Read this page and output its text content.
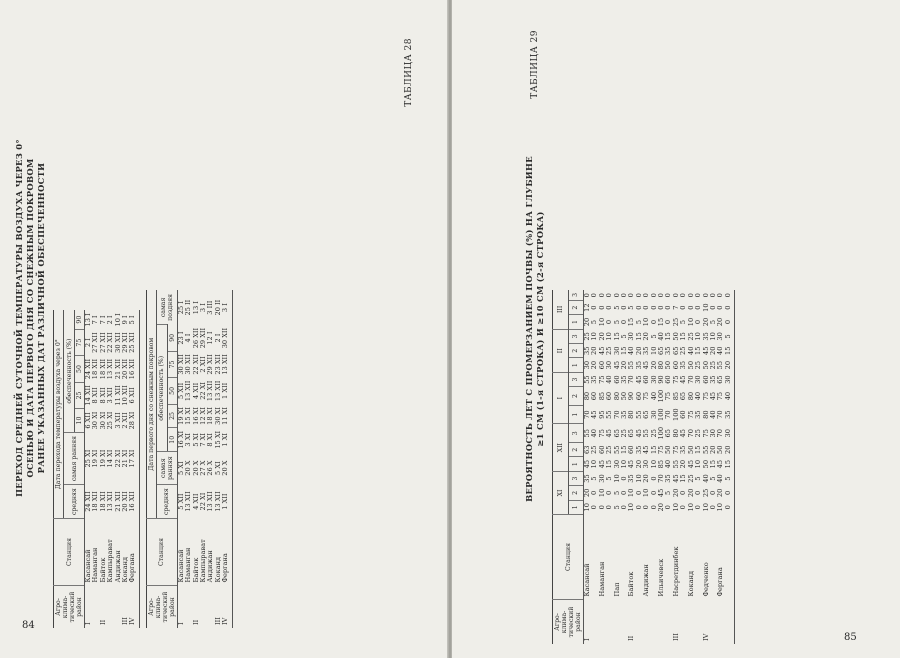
84
ТАБЛИЦА 28
ПЕРЕХОД СРЕДНЕЙ СУТОЧНОЙ ТЕМПЕРАТУРЫ ВОЗДУХА ЧЕРЕЗ 0° ОСЕНЬЮ И ДАТА ПЕРВОГО ДНЯ СО СНЕЖНЫМ ПОКРОВОМ РАНЕЕ УКАЗАННЫХ ДАТ РАЗЛИЧНОЙ ОБЕСПЕЧЕННОСТИ
Агро-клима-тический район	Станция	Дата перехода температуры воздуха через 0°						
		средняя	самая ранняя	обеспеченность (%)				
				10	25	50	75	90
I	Касансай	24 XII	25 XI	6 XII	14 XII	24 XII	2 I	13 I
	Наманган	18 XII	19 XI	30 XI	8 XII	18 XII	27 XII	7 I
II	Байток	18 XII	19 XI	30 XI	8 XII	18 XII	27 XII	7 I
	Кампырават	13 XII	14 XI	25 XI	3 XII	13 XII	22 XII	2 I
	Андижан	21 XII	22 XI	3 XII	11 XII	21 XII	30 XII	10 I
III	Коканд	20 XII	21 XI	2 XII	10 XII	20 XII	29 XII	9 I
IV	Фергана	16 XII	17 XI	28 XI	6 XII	16 XII	25 XII	5 I
Агро-клима-тический район	Станция	Дата первого дня со снежным покровом							
		средняя	самая ранняя	обеспеченность (%)					самая поздняя
				10	25	50	75	90	
I	Касансай	5 XII	5 XI	16 XI	19 XI	5 XII	30 XII	23 I	25 I
	Наманган	13 XII	20 X	3 XI	15 XI	13 XII	30 XII	4 I	25 II
II	Байток	4 XII	20 X	5 XI	16 XI	4 XII	22 XII	26 XII	13 I
	Кампырават	22 XI	27 X	7 XI	12 XI	22 XI	2 XII	29 XII	3 I
	Андижан	13 XII	26 X	8 XI	18 XI	13 XII	29 XII	12 I	3 III
III	Коканд	13 XII	5 XI	15 XI	30 XI	13 XII	23 XII	2 I	20 II
IV	Фергана	1 XII	20 X	1 XI	11 XI	1 XII	13 XII	30 XII	3 I
85
ТАБЛИЦА 29
ВЕРОЯТНОСТЬ ЛЕТ С ПРОМЕРЗАНИЕМ ПОЧВЫ (%) НА ГЛУБИНЕ ≥1 СМ (1-я СТРОКА) И ≥10 СМ (2-я СТРОКА)
Агро-клима-тический район	Станция	XI			XII			I			II			III		
		1	2	3	1	2	3	1	2	3	1	2	3	1	2	3
I	Касансай	10	20	35	45	63	55	70	80	55	30	35	25	20	12	0
		0	0	5	10	25	40	45	60	35	20	20	10	5	0	0
	Наманган	0	10	30	45	60	75	95	85	75	60	45	20	10	0	0
		0	0	5	15	25	45	55	60	40	30	25	10	0	0	0
	Пап	5	5	10	30	55	65	70	80	60	45	30	15	5	5	0
		0	0	0	10	15	25	35	50	35	20	15	5	0	0	0
II	Байток	10	10	35	45	60	65	80	90	70	55	40	30	15	5	0
		0	0	10	20	35	45	55	60	45	35	20	15	5	0	0
	Андижан	0	10	20	30	45	55	65	75	60	45	35	20	10	0	0
		0	0	0	10	15	25	30	40	30	20	10	5	0	0	0
	Ильичевск	20	45	70	85	75	100	100	100	90	80	65	40	15	0	0
		0	5	35	40	50	65	70	75	60	50	35	15	0	0	0
III	Насретдинбек	10	20	45	55	75	80	100	85	75	60	65	50	25	7	0
		0	0	15	20	35	45	60	65	45	35	25	15	5	0	0
	Коканд	10	20	25	45	50	70	75	80	70	50	40	25	10	0	0
		0	0	5	10	15	25	35	40	30	25	15	10	0	0	0
IV	Федченко	10	25	40	50	55	75	80	75	60	50	45	35	20	10	0
		0	0	5	15	20	30	40	45	35	25	20	10	5	0	0
	Фергана	10	20	40	45	50	70	70	75	65	55	40	30	20	0	0
		0	0	5	15	20	30	35	40	30	20	15	5	0	0	0
